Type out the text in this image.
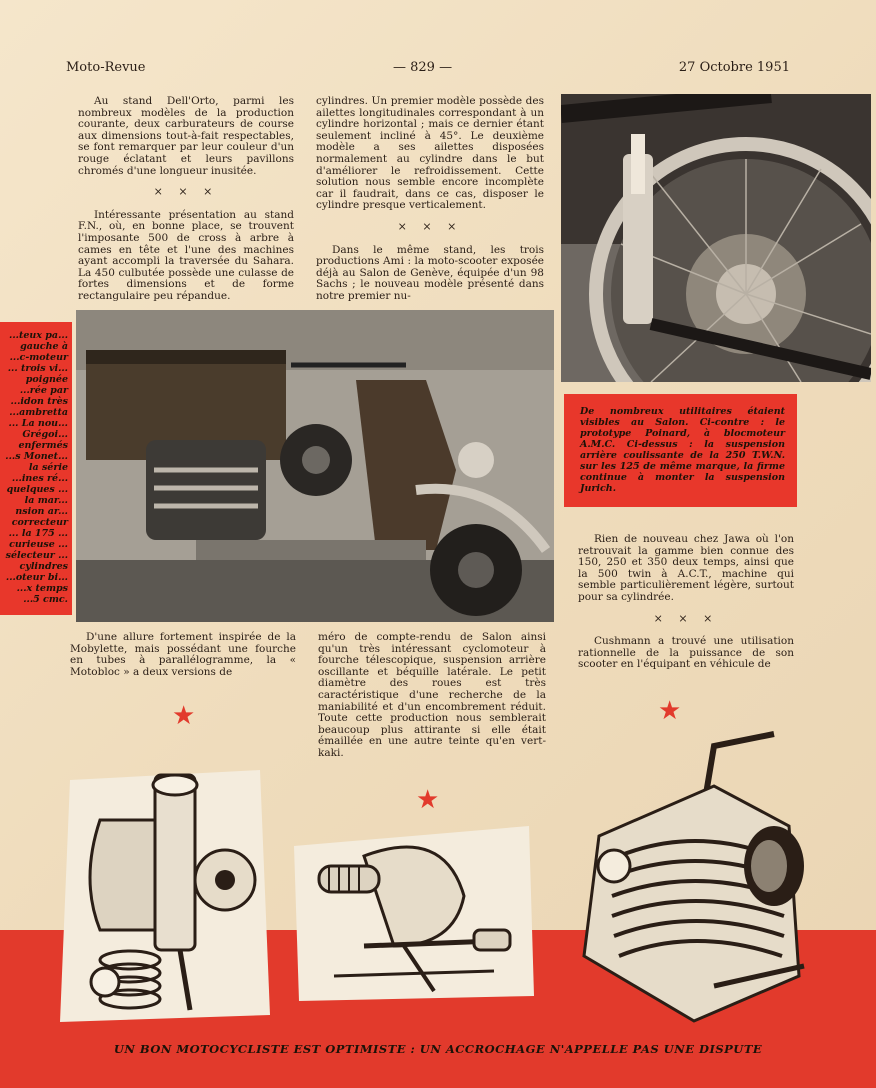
Moto-Revue	— 829 —	27 Octobre 1951

Au stand Dell'Orto, parmi les nombreux modèles de la production courante, deux carburateurs de course aux dimensions tout-à-fait respectables, se font remarquer par leur couleur d'un rouge éclatant et leurs pavillons chromés d'une longueur inusitée.

× × ×

Intéressante présentation au stand F.N., où, en bonne place, se trouvent l'imposante 500 de cross à arbre à cames en tête et l'une des machines ayant accompli la traversée du Sahara. La 450 culbutée possède une culasse de fortes dimensions et de forme rectangulaire peu répandue.

cylindres. Un premier modèle possède des ailettes longitudinales correspondant à un cylindre horizontal ; mais ce dernier étant seulement incliné à 45°. Le deuxième modèle a ses ailettes disposées normalement au cylindre dans le but d'améliorer le refroidissement. Cette solution nous semble encore incomplète car il faudrait, dans ce cas, disposer le cylindre presque verticalement.

× × ×

Dans le même stand, les trois productions Ami : la moto-scooter exposée déjà au Salon de Genève, équipée d'un 98 Sachs ; le nouveau modèle présenté dans notre premier nu-

...teux pa... gauche à ...c-moteur ... trois vi... poignée ...rée par ...idon très ...ambretta ... La nou... Grégoi... enfermés ...s Monet... la série ...ines ré... quelques ... la mar... nsion ar... correcteur ... la 175 ... curieuse ... sélecteur ... cylindres ...oteur bi... ...x temps ...5 cmc.
De nombreux utilitaires étaient visibles au Salon. Ci-contre : le prototype Poinard, à blocmoteur A.M.C. Ci-dessus : la suspension arrière coulissante de la 250 T.W.N. sur les 125 de même marque, la firme continue à monter la suspension Jurich.

Rien de nouveau chez Jawa où l'on retrouvait la gamme bien connue des 150, 250 et 350 deux temps, ainsi que la 500 twin à A.C.T., machine qui semble particulièrement légère, surtout pour sa cylindrée.

× × ×

Cushmann a trouvé une utilisation rationnelle de la puissance de son scooter en l'équipant en véhicule de

D'une allure fortement inspirée de la Mobylette, mais possédant une fourche en tubes à parallélogramme, la « Motobloc » a deux versions de

méro de compte-rendu de Salon ainsi qu'un très intéressant cyclomoteur à fourche télescopique, suspension arrière oscillante et béquille latérale. Le petit diamètre des roues est très caractéristique d'une recherche de la maniabilité et d'un encombrement réduit. Toute cette production nous semblerait beaucoup plus attirante si elle était émaillée en une autre teinte qu'en vert-kaki.

★
★
★
UN BON MOTOCYCLISTE EST OPTIMISTE : UN ACCROCHAGE N'APPELLE PAS UNE DISPUTE
